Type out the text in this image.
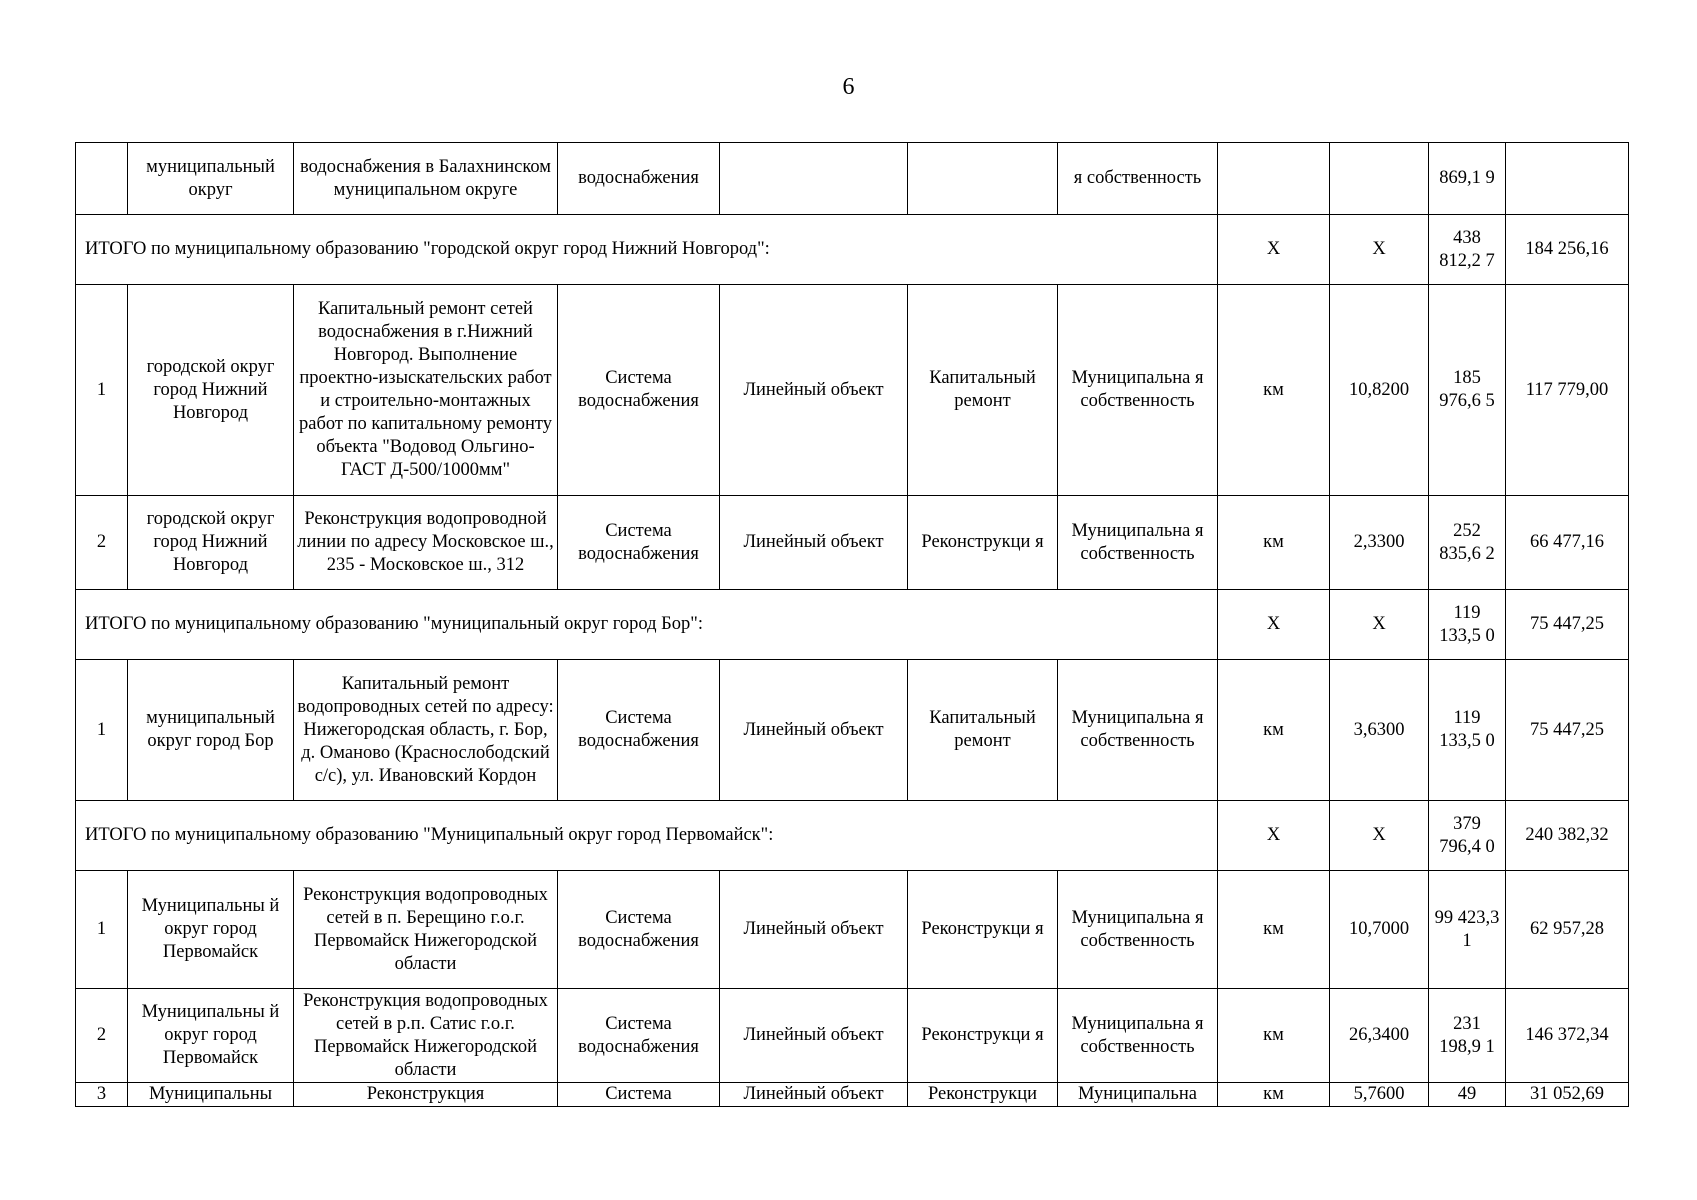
6
	муниципальный округ	водоснабжения в Балахнинском муниципальном округе	водоснабжения			я собственность			869,1 9	
ИТОГО по муниципальному образованию "городской округ город Нижний Новгород":							Х	Х	438 812,2 7	184 256,16
1	городской округ город Нижний Новгород	Капитальный ремонт сетей водоснабжения в г.Нижний Новгород. Выполнение проектно-изыскательских работ и строительно-монтажных работ по капитальному ремонту объекта "Водовод Ольгино-ГАСТ Д-500/1000мм"	Система водоснабжения	Линейный объект	Капитальный ремонт	Муниципальна я собственность	км	10,8200	185 976,6 5	117 779,00
2	городской округ город Нижний Новгород	Реконструкция водопроводной линии по адресу Московское ш., 235 - Московское ш., 312	Система водоснабжения	Линейный объект	Реконструкци я	Муниципальна я собственность	км	2,3300	252 835,6 2	66 477,16
ИТОГО по муниципальному образованию "муниципальный округ город Бор":							Х	Х	119 133,5 0	75 447,25
1	муниципальный округ город Бор	Капитальный ремонт водопроводных сетей по адресу: Нижегородская область, г. Бор, д. Оманово (Краснослободский с/с), ул. Ивановский Кордон	Система водоснабжения	Линейный объект	Капитальный ремонт	Муниципальна я собственность	км	3,6300	119 133,5 0	75 447,25
ИТОГО по муниципальному образованию "Муниципальный округ город Первомайск":							Х	Х	379 796,4 0	240 382,32
1	Муниципальны й округ город Первомайск	Реконструкция водопроводных сетей в п. Берещино г.о.г. Первомайск Нижегородской области	Система водоснабжения	Линейный объект	Реконструкци я	Муниципальна я собственность	км	10,7000	99 423,3 1	62 957,28
2	Муниципальны й округ город Первомайск	Реконструкция водопроводных сетей в р.п. Сатис г.о.г. Первомайск Нижегородской области	Система водоснабжения	Линейный объект	Реконструкци я	Муниципальна я собственность	км	26,3400	231 198,9 1	146 372,34
3	Муниципальны	Реконструкция	Система	Линейный объект	Реконструкци	Муниципальна	км	5,7600	49	31 052,69
